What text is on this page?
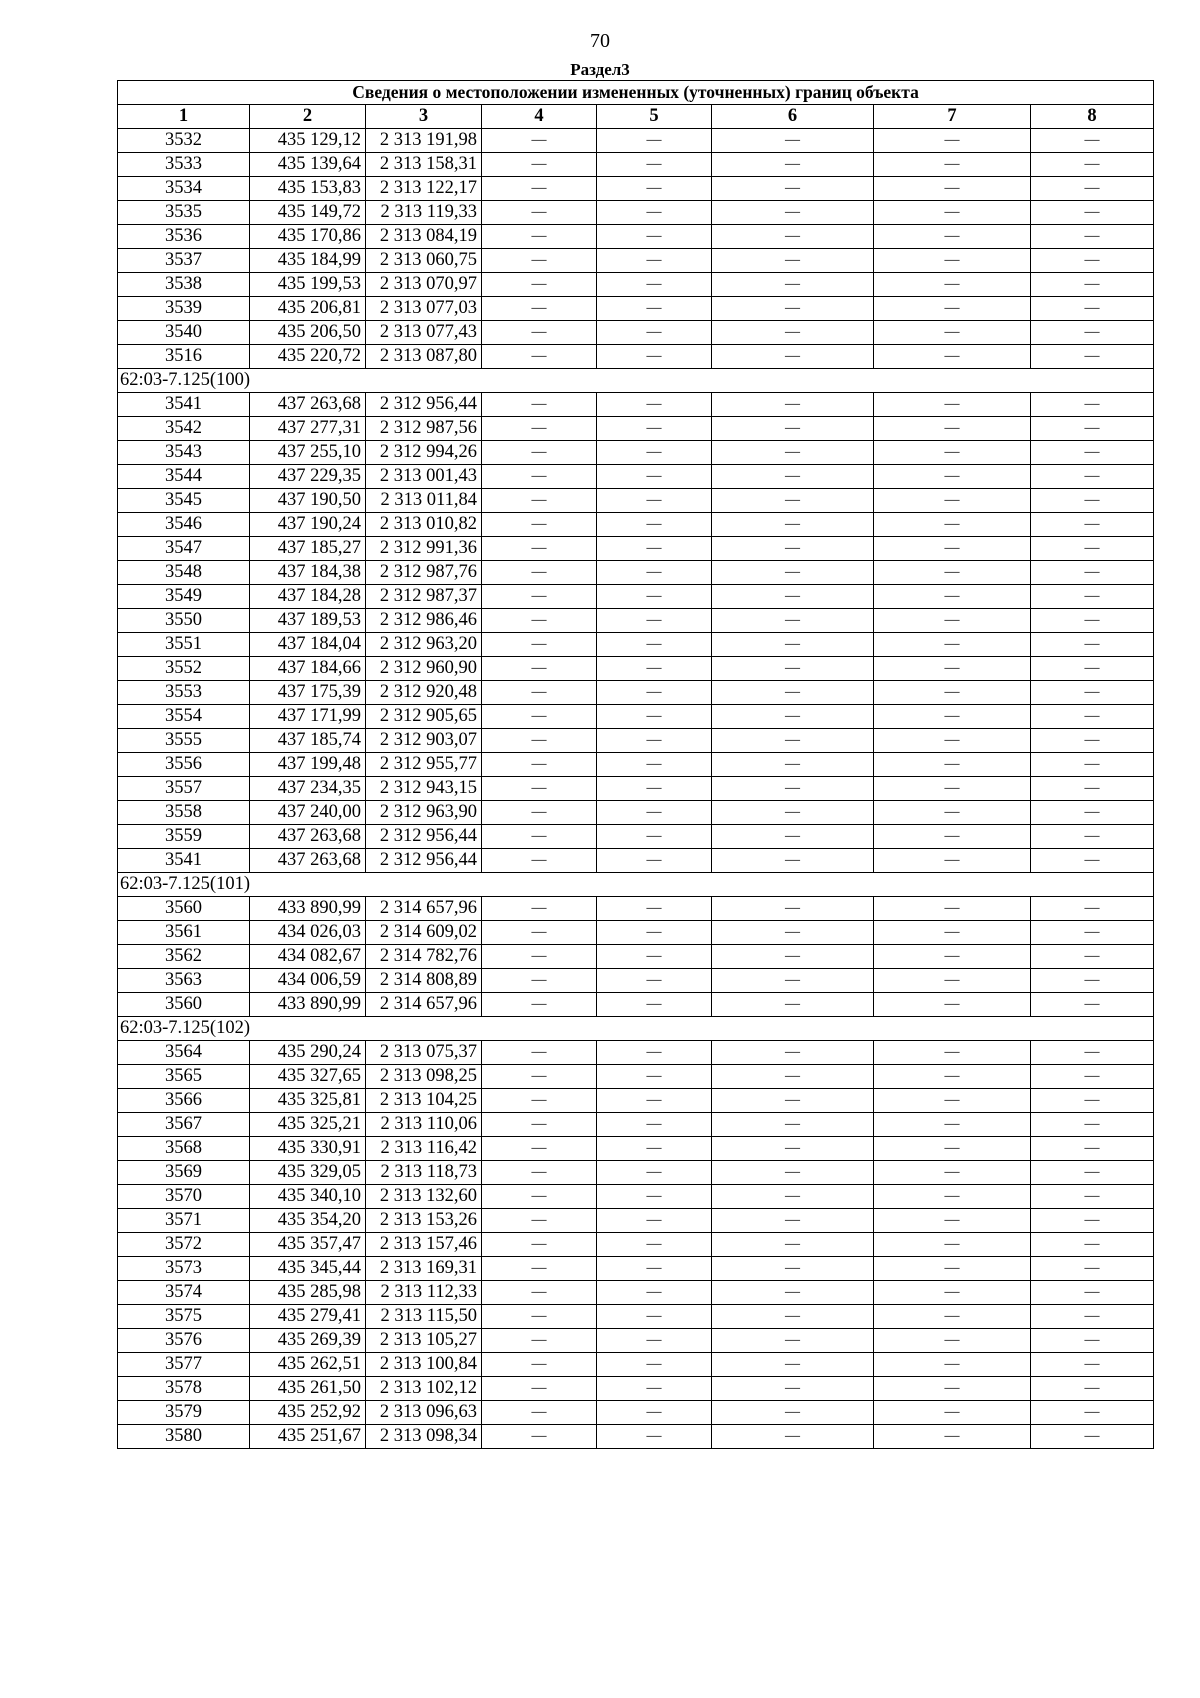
70
Раздел3
Сведения о местоположении измененных (уточненных) границ объекта							
1	2	3	4	5	6	7	8
3532	435 129,12	2 313 191,98	—	—	—	—	—
3533	435 139,64	2 313 158,31	—	—	—	—	—
3534	435 153,83	2 313 122,17	—	—	—	—	—
3535	435 149,72	2 313 119,33	—	—	—	—	—
3536	435 170,86	2 313 084,19	—	—	—	—	—
3537	435 184,99	2 313 060,75	—	—	—	—	—
3538	435 199,53	2 313 070,97	—	—	—	—	—
3539	435 206,81	2 313 077,03	—	—	—	—	—
3540	435 206,50	2 313 077,43	—	—	—	—	—
3516	435 220,72	2 313 087,80	—	—	—	—	—
62:03-7.125(100)							
3541	437 263,68	2 312 956,44	—	—	—	—	—
3542	437 277,31	2 312 987,56	—	—	—	—	—
3543	437 255,10	2 312 994,26	—	—	—	—	—
3544	437 229,35	2 313 001,43	—	—	—	—	—
3545	437 190,50	2 313 011,84	—	—	—	—	—
3546	437 190,24	2 313 010,82	—	—	—	—	—
3547	437 185,27	2 312 991,36	—	—	—	—	—
3548	437 184,38	2 312 987,76	—	—	—	—	—
3549	437 184,28	2 312 987,37	—	—	—	—	—
3550	437 189,53	2 312 986,46	—	—	—	—	—
3551	437 184,04	2 312 963,20	—	—	—	—	—
3552	437 184,66	2 312 960,90	—	—	—	—	—
3553	437 175,39	2 312 920,48	—	—	—	—	—
3554	437 171,99	2 312 905,65	—	—	—	—	—
3555	437 185,74	2 312 903,07	—	—	—	—	—
3556	437 199,48	2 312 955,77	—	—	—	—	—
3557	437 234,35	2 312 943,15	—	—	—	—	—
3558	437 240,00	2 312 963,90	—	—	—	—	—
3559	437 263,68	2 312 956,44	—	—	—	—	—
3541	437 263,68	2 312 956,44	—	—	—	—	—
62:03-7.125(101)							
3560	433 890,99	2 314 657,96	—	—	—	—	—
3561	434 026,03	2 314 609,02	—	—	—	—	—
3562	434 082,67	2 314 782,76	—	—	—	—	—
3563	434 006,59	2 314 808,89	—	—	—	—	—
3560	433 890,99	2 314 657,96	—	—	—	—	—
62:03-7.125(102)							
3564	435 290,24	2 313 075,37	—	—	—	—	—
3565	435 327,65	2 313 098,25	—	—	—	—	—
3566	435 325,81	2 313 104,25	—	—	—	—	—
3567	435 325,21	2 313 110,06	—	—	—	—	—
3568	435 330,91	2 313 116,42	—	—	—	—	—
3569	435 329,05	2 313 118,73	—	—	—	—	—
3570	435 340,10	2 313 132,60	—	—	—	—	—
3571	435 354,20	2 313 153,26	—	—	—	—	—
3572	435 357,47	2 313 157,46	—	—	—	—	—
3573	435 345,44	2 313 169,31	—	—	—	—	—
3574	435 285,98	2 313 112,33	—	—	—	—	—
3575	435 279,41	2 313 115,50	—	—	—	—	—
3576	435 269,39	2 313 105,27	—	—	—	—	—
3577	435 262,51	2 313 100,84	—	—	—	—	—
3578	435 261,50	2 313 102,12	—	—	—	—	—
3579	435 252,92	2 313 096,63	—	—	—	—	—
3580	435 251,67	2 313 098,34	—	—	—	—	—
